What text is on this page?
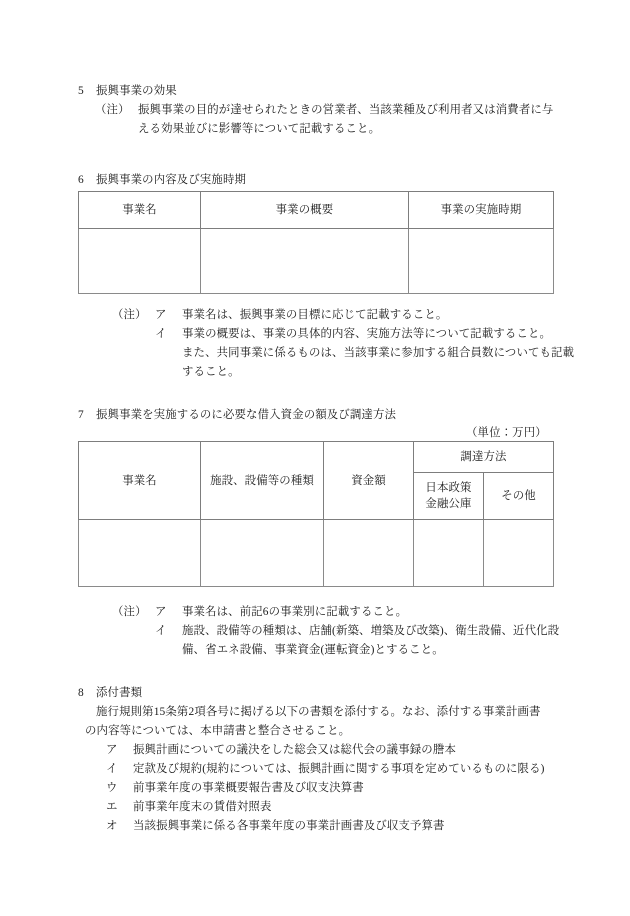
5 振興事業の効果
（注） 振興事業の目的が達せられたときの営業者、当該業種及び利用者又は消費者に与
える効果並びに影響等について記載すること。
6 振興事業の内容及び実施時期
事業名	事業の概要	事業の実施時期

（注） ア 事業名は、振興事業の目標に応じて記載すること。
イ 事業の概要は、事業の具体的内容、実施方法等について記載すること。
また、共同事業に係るものは、当該事業に参加する組合員数についても記載
すること。
7 振興事業を実施するのに必要な借入資金の額及び調達方法
（単位：万円）
事業名	施設、設備等の種類	資金額	調達方法	
			日本政策
金融公庫	その他

（注） ア 事業名は、前記6の事業別に記載すること。
イ 施設、設備等の種類は、店舗(新築、増築及び改築)、衛生設備、近代化設
備、省エネ設備、事業資金(運転資金)とすること。
8 添付書類
施行規則第15条第2項各号に掲げる以下の書類を添付する。なお、添付する事業計画書
の内容等については、本申請書と整合させること。
ア 振興計画についての議決をした総会又は総代会の議事録の謄本
イ 定款及び規約(規約については、振興計画に関する事項を定めているものに限る)
ウ 前事業年度の事業概要報告書及び収支決算書
エ 前事業年度末の賃借対照表
オ 当該振興事業に係る各事業年度の事業計画書及び収支予算書
